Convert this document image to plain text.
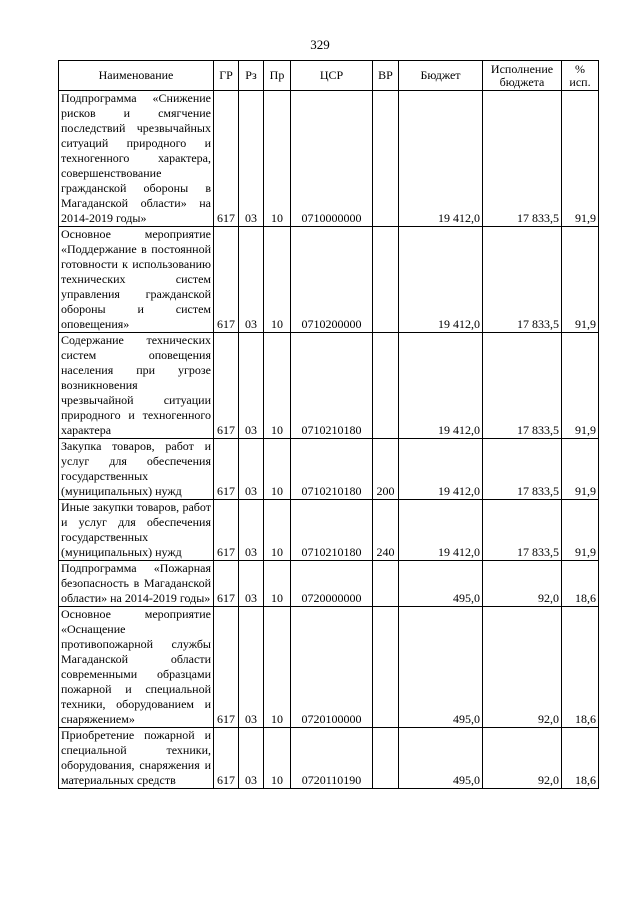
329
Наименование	ГР	Рз	Пр	ЦСР	ВР	Бюджет	Исполнение бюджета	% исп.
Подпрограмма «Снижение рисков и смягчение последствий чрезвычайных ситуаций природного и техногенного характера, совершенствование гражданской обороны в Магаданской области» на 2014-2019 годы»	617	03	10	0710000000		19 412,0	17 833,5	91,9
Основное мероприятие «Поддержание в постоянной готовности к использованию технических систем управления гражданской обороны и систем оповещения»	617	03	10	0710200000		19 412,0	17 833,5	91,9
Содержание технических систем оповещения населения при угрозе возникновения чрезвычайной ситуации природного и техногенного характера	617	03	10	0710210180		19 412,0	17 833,5	91,9
Закупка товаров, работ и услуг для обеспечения государственных (муниципальных) нужд	617	03	10	0710210180	200	19 412,0	17 833,5	91,9
Иные закупки товаров, работ и услуг для обеспечения государственных (муниципальных) нужд	617	03	10	0710210180	240	19 412,0	17 833,5	91,9
Подпрограмма «Пожарная безопасность в Магаданской области» на 2014-2019 годы»	617	03	10	0720000000		495,0	92,0	18,6
Основное мероприятие «Оснащение противопожарной службы Магаданской области современными образцами пожарной и специальной техники, оборудованием и снаряжением»	617	03	10	0720100000		495,0	92,0	18,6
Приобретение пожарной и специальной техники, оборудования, снаряжения и материальных средств	617	03	10	0720110190		495,0	92,0	18,6
